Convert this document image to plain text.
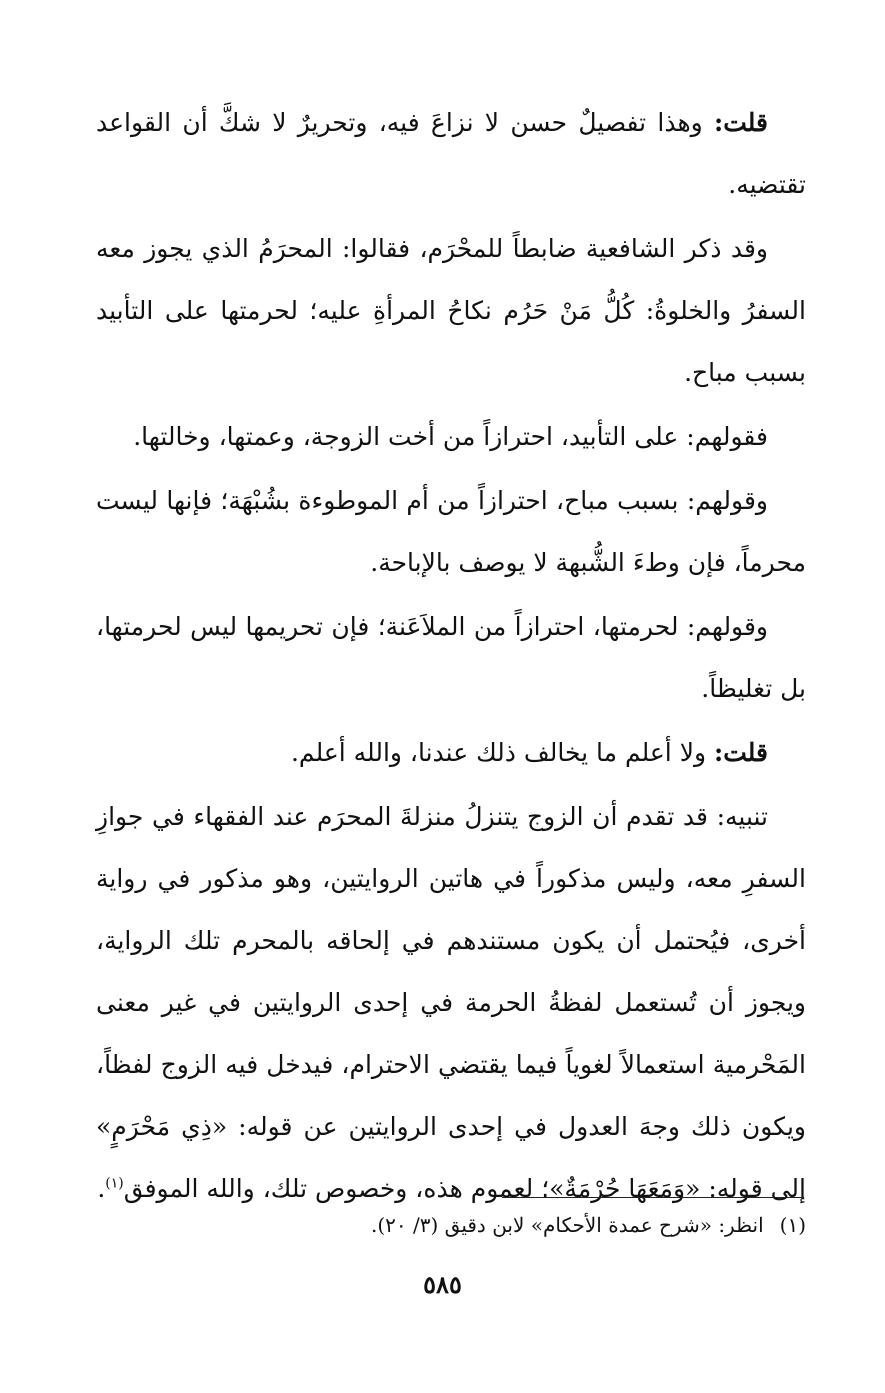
قلت: وهذا تفصيلٌ حسن لا نزاعَ فيه، وتحريرٌ لا شكَّ أن القواعد تقتضيه.

وقد ذكر الشافعية ضابطاً للمحْرَم، فقالوا: المحرَمُ الذي يجوز معه السفرُ والخلوةُ: كُلُّ مَنْ حَرُم نكاحُ المرأةِ عليه؛ لحرمتها على التأبيد بسبب مباح.

فقولهم: على التأبيد، احترازاً من أخت الزوجة، وعمتها، وخالتها.

وقولهم: بسبب مباح، احترازاً من أم الموطوءة بشُبْهَة؛ فإنها ليست محرماً، فإن وطءَ الشُّبهة لا يوصف بالإباحة.

وقولهم: لحرمتها، احترازاً من الملاَعَنة؛ فإن تحريمها ليس لحرمتها، بل تغليظاً.

قلت: ولا أعلم ما يخالف ذلك عندنا، والله أعلم.

تنبيه: قد تقدم أن الزوج يتنزلُ منزلةَ المحرَم عند الفقهاء في جوازِ السفرِ معه، وليس مذكوراً في هاتين الروايتين، وهو مذكور في رواية أخرى، فيُحتمل أن يكون مستندهم في إلحاقه بالمحرم تلك الرواية، ويجوز أن تُستعمل لفظةُ الحرمة في إحدى الروايتين في غير معنى المَحْرمية استعمالاً لغوياً فيما يقتضي الاحترام، فيدخل فيه الزوج لفظاً، ويكون ذلك وجهَ العدول في إحدى الروايتين عن قوله: «ذِي مَحْرَمٍ» إلى قوله: «وَمَعَهَا حُرْمَةٌ»؛ لعموم هذه، وخصوص تلك، والله الموفق$^{(١)}$.

(١)انظر: «شرح عمدة الأحكام» لابن دقيق (٣/ ٢٠).
٥٨٥
